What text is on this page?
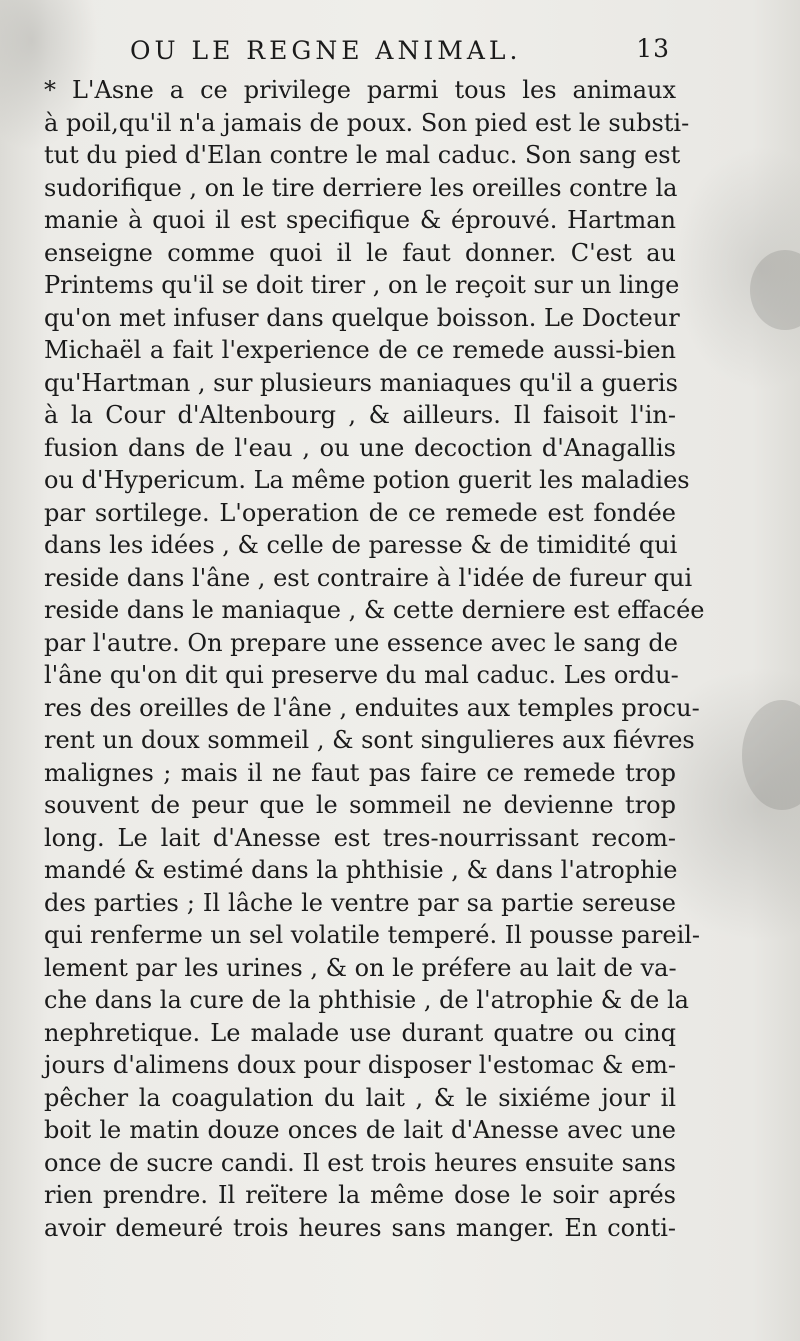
OU LE REGNE ANIMAL.	13
* L'Asne a ce privilege parmi tous les animaux
à poil,qu'il n'a jamais de poux. Son pied est le substi-
tut du pied d'Elan contre le mal caduc. Son sang est
sudorifique , on le tire derriere les oreilles contre la
manie à quoi il est specifique & éprouvé. Hartman
enseigne comme quoi il le faut donner. C'est au
Printems qu'il se doit tirer , on le reçoit sur un linge
qu'on met infuser dans quelque boisson. Le Docteur
Michaël a fait l'experience de ce remede aussi-bien
qu'Hartman , sur plusieurs maniaques qu'il a gueris
à la Cour d'Altenbourg , & ailleurs. Il faisoit l'in-
fusion dans de l'eau , ou une decoction d'Anagallis
ou d'Hypericum. La même potion guerit les maladies
par sortilege. L'operation de ce remede est fondée
dans les idées , & celle de paresse & de timidité qui
reside dans l'âne , est contraire à l'idée de fureur qui
reside dans le maniaque , & cette derniere est effacée
par l'autre. On prepare une essence avec le sang de
l'âne qu'on dit qui preserve du mal caduc. Les ordu-
res des oreilles de l'âne , enduites aux temples procu-
rent un doux sommeil , & sont singulieres aux fiévres
malignes ; mais il ne faut pas faire ce remede trop
souvent de peur que le sommeil ne devienne trop
long. Le lait d'Anesse est tres-nourrissant recom-
mandé & estimé dans la phthisie , & dans l'atrophie
des parties ; Il lâche le ventre par sa partie sereuse
qui renferme un sel volatile temperé. Il pousse pareil-
lement par les urines , & on le préfere au lait de va-
che dans la cure de la phthisie , de l'atrophie & de la
nephretique. Le malade use durant quatre ou cinq
jours d'alimens doux pour disposer l'estomac & em-
pêcher la coagulation du lait , & le sixiéme jour il
boit le matin douze onces de lait d'Anesse avec une
once de sucre candi. Il est trois heures ensuite sans
rien prendre. Il reïtere la même dose le soir aprés
avoir demeuré trois heures sans manger. En conti-
